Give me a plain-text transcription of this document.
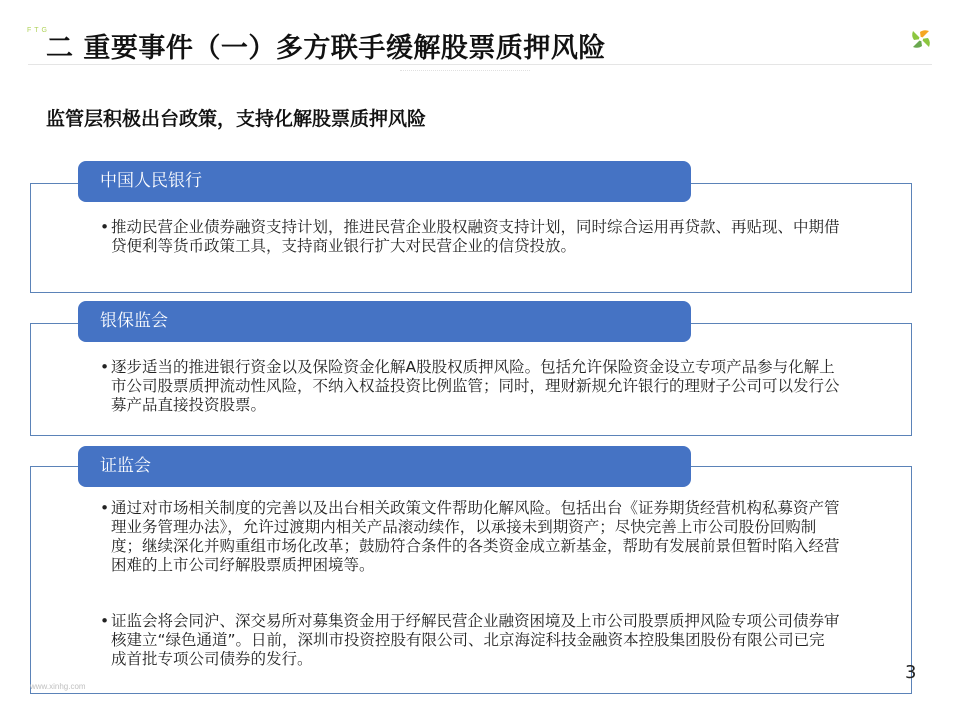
FTG
二 重要事件（一）多方联手缓解股票质押风险
监管层积极出台政策，支持化解股票质押风险
中国人民银行
• 推动民营企业债券融资支持计划，推进民营企业股权融资支持计划，同时综合运用再贷款、再贴现、中期借贷便利等货币政策工具，支持商业银行扩大对民营企业的信贷投放。
银保监会
• 逐步适当的推进银行资金以及保险资金化解A股股权质押风险。包括允许保险资金设立专项产品参与化解上市公司股票质押流动性风险，不纳入权益投资比例监管；同时，理财新规允许银行的理财子公司可以发行公募产品直接投资股票。
证监会
• 通过对市场相关制度的完善以及出台相关政策文件帮助化解风险。包括出台《证券期货经营机构私募资产管理业务管理办法》，允许过渡期内相关产品滚动续作，以承接未到期资产；尽快完善上市公司股份回购制度；继续深化并购重组市场化改革；鼓励符合条件的各类资金成立新基金，帮助有发展前景但暂时陷入经营困难的上市公司纾解股票质押困境等。
• 证监会将会同沪、深交易所对募集资金用于纾解民营企业融资困境及上市公司股票质押风险专项公司债券审核建立“绿色通道”。日前，深圳市投资控股有限公司、北京海淀科技金融资本控股集团股份有限公司已完成首批专项公司债券的发行。
3
www.xinhg.com
